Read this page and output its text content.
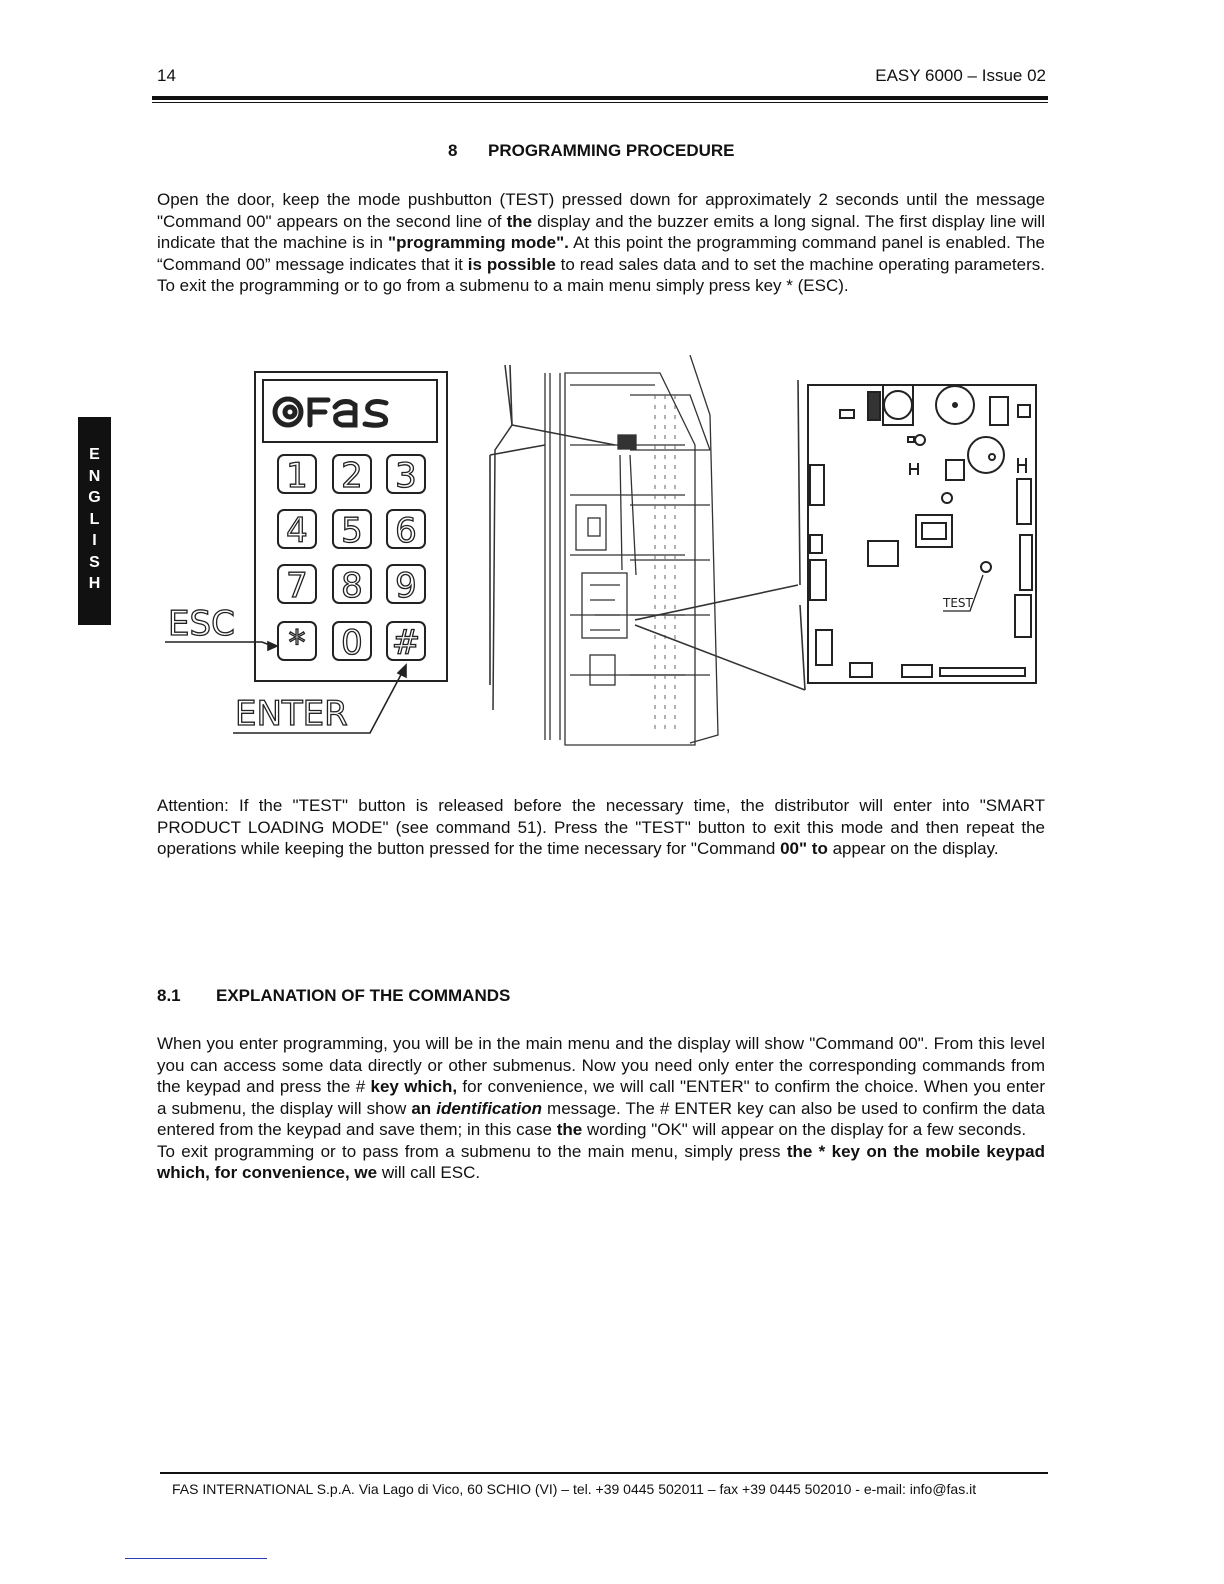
14	EASY 6000 – Issue 02
E
N
G
L
I
S
H
8 PROGRAMMING PROCEDURE
Open the door, keep the mode pushbutton (TEST) pressed down for approximately 2 seconds until the message "Command 00" appears on the second line of the display and the buzzer emits a long signal. The first display line will indicate that the machine is in "programming mode". At this point the programming command panel is enabled. The “Command 00” message indicates that it is possible to read sales data and to set the machine operating parameters. To exit the programming or to go from a submenu to a main menu simply press key * (ESC).
FAS
1 2 3
4 5 6
7 8 9
* 0 #
ESC
ENTER
TEST
Attention: If the "TEST" button is released before the necessary time, the distributor will enter into "SMART PRODUCT LOADING MODE" (see command 51). Press the "TEST" button to exit this mode and then repeat the operations while keeping the button pressed for the time necessary for "Command 00" to appear on the display.
8.1 EXPLANATION OF THE COMMANDS
When you enter programming, you will be in the main menu and the display will show "Command 00". From this level you can access some data directly or other submenus. Now you need only enter the corresponding commands from the keypad and press the # key which, for convenience, we will call "ENTER" to confirm the choice. When you enter a submenu, the display will show an identification message. The # ENTER key can also be used to confirm the data entered from the keypad and save them; in this case the wording "OK" will appear on the display for a few seconds.
To exit programming or to pass from a submenu to the main menu, simply press the * key on the mobile keypad which, for convenience, we will call ESC.
FAS INTERNATIONAL S.p.A. Via Lago di Vico, 60 SCHIO (VI) – tel. +39 0445 502011 – fax +39 0445 502010 - e-mail: info@fas.it
